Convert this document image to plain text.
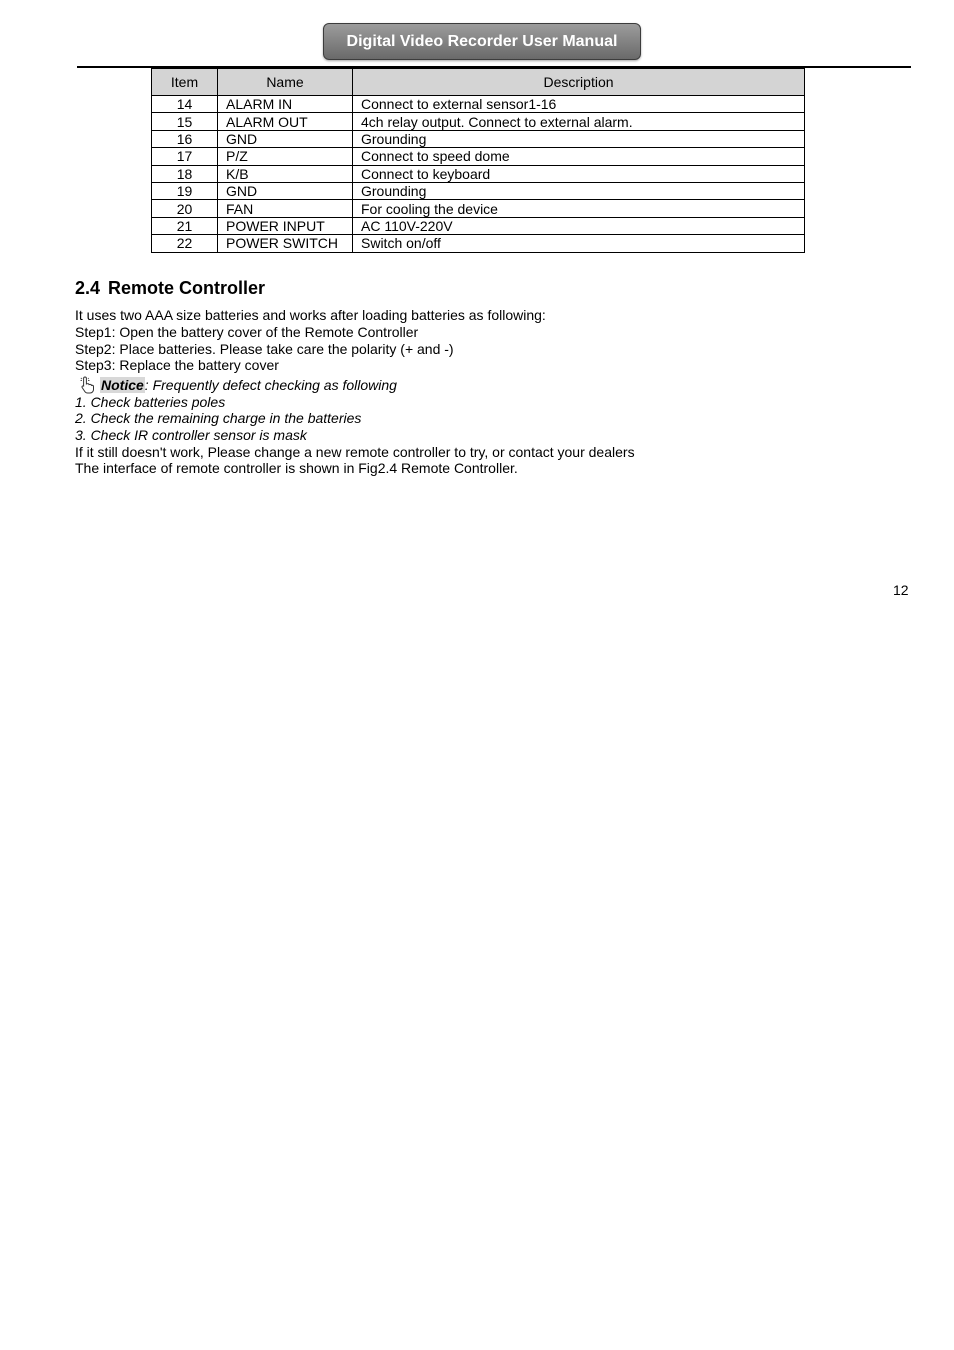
Digital Video Recorder User Manual
Item	Name	Description
14	ALARM IN	Connect to external sensor1-16
15	ALARM OUT	4ch relay output. Connect to external alarm.
16	GND	Grounding
17	P/Z	Connect to speed dome
18	K/B	Connect to keyboard
19	GND	Grounding
20	FAN	For cooling the device
21	POWER INPUT	AC 110V-220V
22	POWER SWITCH	Switch on/off
2.4 Remote Controller
It uses two AAA size batteries and works after loading batteries as following:
Step1: Open the battery cover of the Remote Controller
Step2: Place batteries. Please take care the polarity (+ and -)
Step3: Replace the battery cover
Notice : Frequently defect checking as following
1. Check batteries poles
2. Check the remaining charge in the batteries
3. Check IR controller sensor is mask
If it still doesn't work, Please change a new remote controller to try, or contact your dealers
The interface of remote controller is shown in Fig2.4 Remote Controller.
12
